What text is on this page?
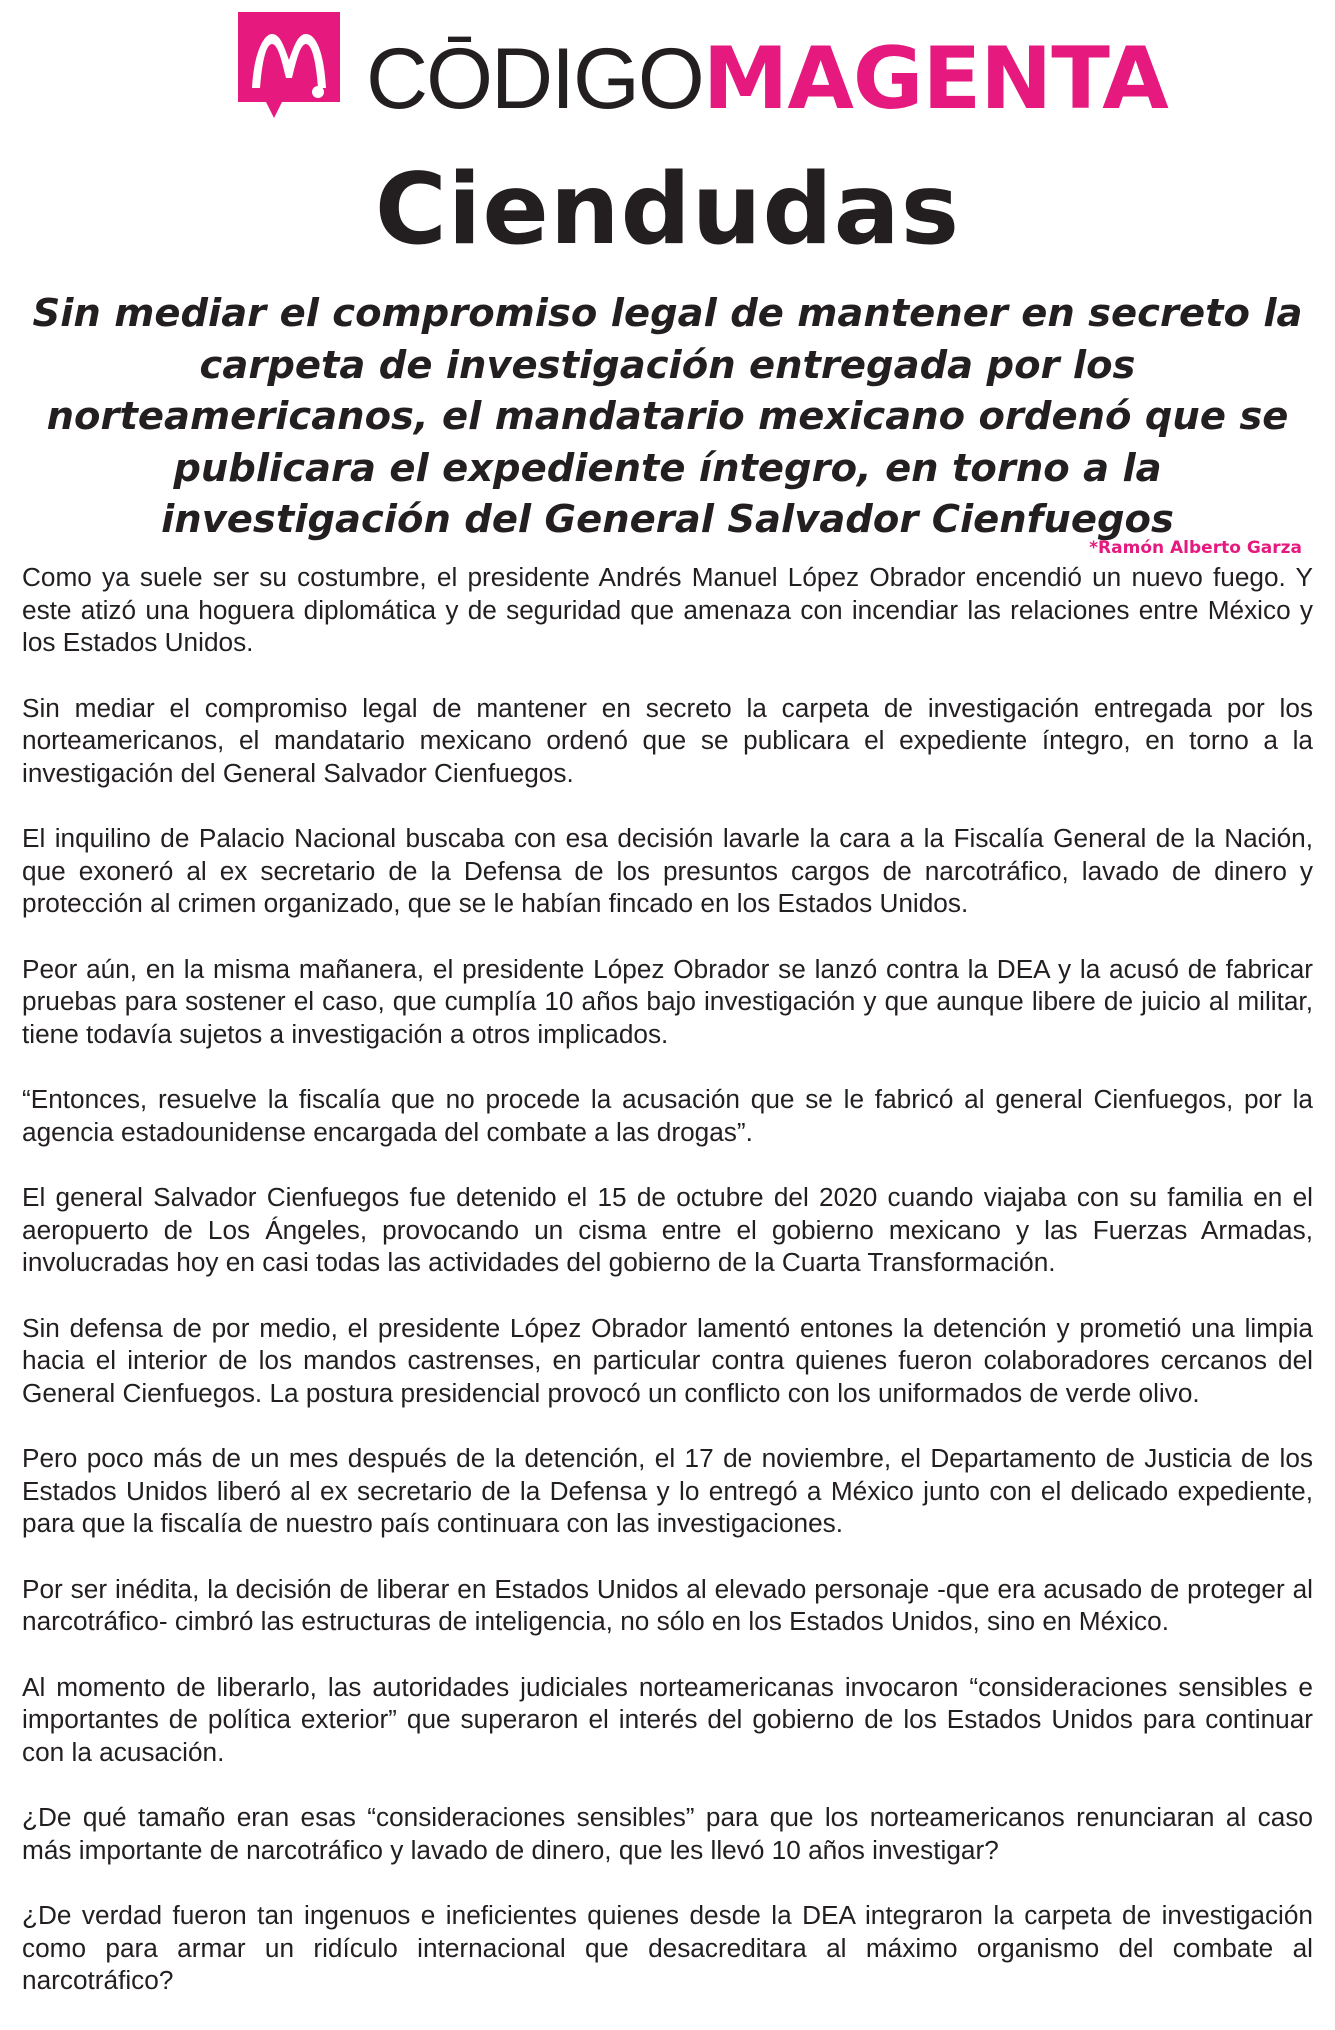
CŌDIGOMAGENTA
Ciendudas
Sin mediar el compromiso legal de mantener en secreto la carpeta de investigación entregada por los norteamericanos, el mandatario mexicano ordenó que se publicara el expediente íntegro, en torno a la investigación del General Salvador Cienfuegos
*Ramón Alberto Garza

Como ya suele ser su costumbre, el presidente Andrés Manuel López Obrador encendió un nuevo fuego. Y este atizó una hoguera diplomática y de seguridad que amenaza con incendiar las relaciones entre México y los Estados Unidos.

Sin mediar el compromiso legal de mantener en secreto la carpeta de investigación entregada por los norteamericanos, el mandatario mexicano ordenó que se publicara el expediente íntegro, en torno a la investigación del General Salvador Cienfuegos.

El inquilino de Palacio Nacional buscaba con esa decisión lavarle la cara a la Fiscalía General de la Nación, que exoneró al ex secretario de la Defensa de los presuntos cargos de narcotráfico, lavado de dinero y protección al crimen organizado, que se le habían fincado en los Estados Unidos.

Peor aún, en la misma mañanera, el presidente López Obrador se lanzó contra la DEA y la acusó de fabricar pruebas para sostener el caso, que cumplía 10 años bajo investigación y que aunque libere de juicio al militar, tiene todavía sujetos a investigación a otros implicados.

“Entonces, resuelve la fiscalía que no procede la acusación que se le fabricó al general Cienfuegos, por la agencia estadounidense encargada del combate a las drogas”.

El general Salvador Cienfuegos fue detenido el 15 de octubre del 2020 cuando viajaba con su familia en el aeropuerto de Los Ángeles, provocando un cisma entre el gobierno mexicano y las Fuerzas Armadas, involucradas hoy en casi todas las actividades del gobierno de la Cuarta Transformación.

Sin defensa de por medio, el presidente López Obrador lamentó entones la detención y prometió una limpia hacia el interior de los mandos castrenses, en particular contra quienes fueron colaboradores cercanos del General Cienfuegos. La postura presidencial provocó un conflicto con los uniformados de verde olivo.

Pero poco más de un mes después de la detención, el 17 de noviembre, el Departamento de Justicia de los Estados Unidos liberó al ex secretario de la Defensa y lo entregó a México junto con el delicado expediente, para que la fiscalía de nuestro país continuara con las investigaciones.

Por ser inédita, la decisión de liberar en Estados Unidos al elevado personaje -que era acusado de proteger al narcotráfico- cimbró las estructuras de inteligencia, no sólo en los Estados Unidos, sino en México.

Al momento de liberarlo, las autoridades judiciales norteamericanas invocaron “consideraciones sensibles e importantes de política exterior” que superaron el interés del gobierno de los Estados Unidos para continuar con la acusación.

¿De qué tamaño eran esas “consideraciones sensibles” para que los norteamericanos renunciaran al caso más importante de narcotráfico y lavado de dinero, que les llevó 10 años investigar?

¿De verdad fueron tan ingenuos e ineficientes quienes desde la DEA integraron la carpeta de investigación como para armar un ridículo internacional que desacreditara al máximo organismo del combate al narcotráfico?
